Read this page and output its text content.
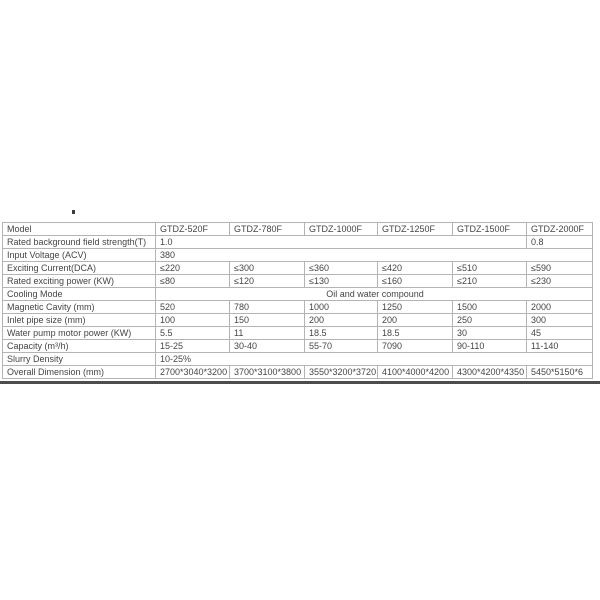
Model	GTDZ-520F	GTDZ-780F	GTDZ-1000F	GTDZ-1250F	GTDZ-1500F	GTDZ-2000F
Rated background field strength(T)	1.0					0.8
Input Voltage (ACV)	380					
Exciting Current(DCA)	≤220	≤300	≤360	≤420	≤510	≤590
Rated exciting power (KW)	≤80	≤120	≤130	≤160	≤210	≤230
Cooling Mode	Oil and water compound					
Magnetic Cavity (mm)	520	780	1000	1250	1500	2000
Inlet pipe size (mm)	100	150	200	200	250	300
Water pump motor power (KW)	5.5	11	18.5	18.5	30	45
Capacity (m³/h)	15-25	30-40	55-70	7090	90-110	11-140
Slurry Density	10-25%					
Overall Dimension (mm)	2700*3040*3200	3700*3100*3800	3550*3200*3720	4100*4000*4200	4300*4200*4350	5450*5150*6
